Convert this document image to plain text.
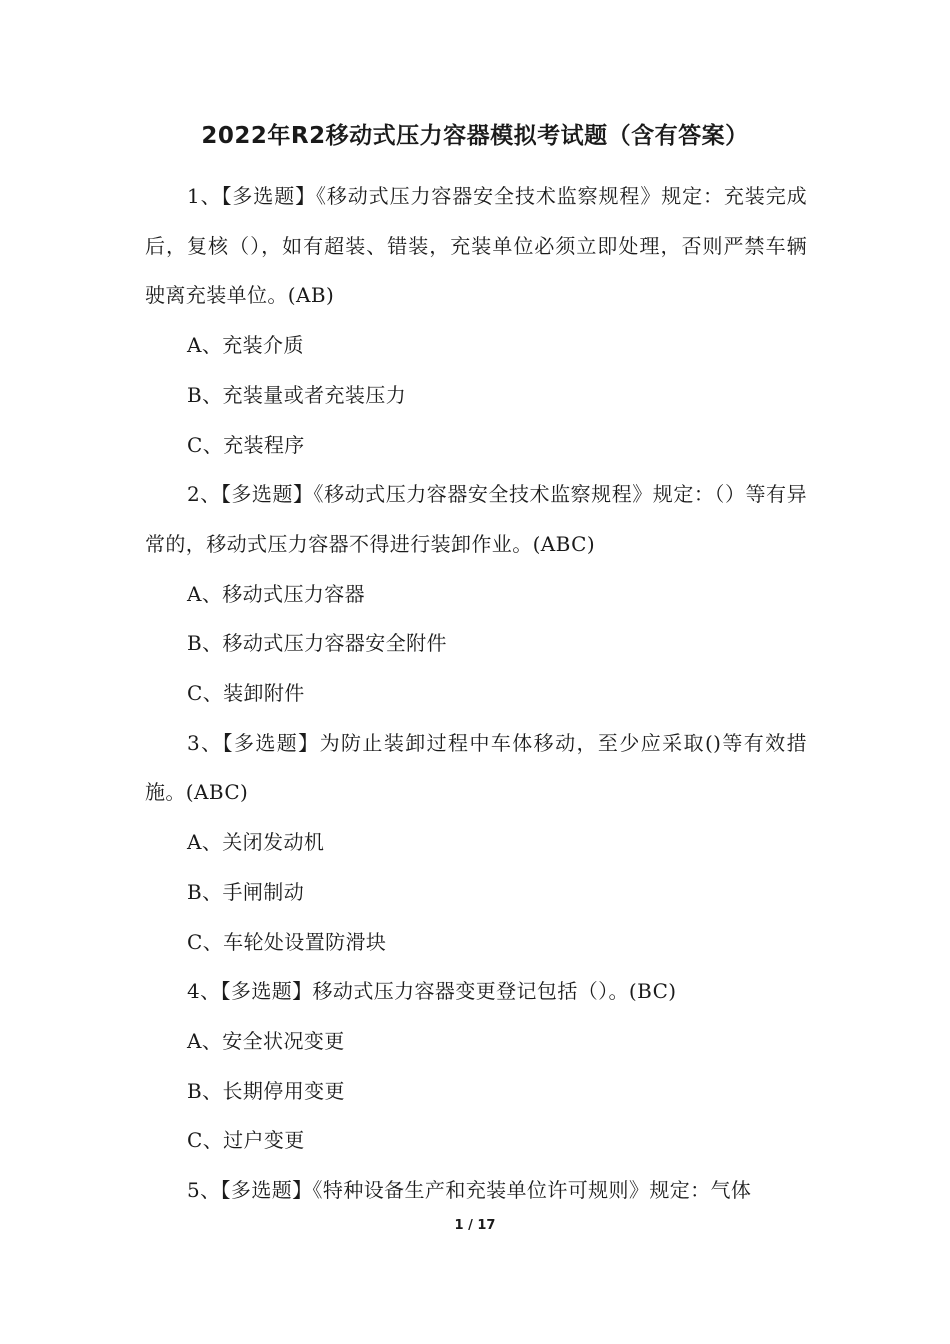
2022年R2移动式压力容器模拟考试题（含有答案）

1、【多选题】《移动式压力容器安全技术监察规程》规定：充装完成后，复核（），如有超装、错装，充装单位必须立即处理，否则严禁车辆驶离充装单位。(AB)

A、充装介质

B、充装量或者充装压力

C、充装程序

2、【多选题】《移动式压力容器安全技术监察规程》规定：（）等有异常的，移动式压力容器不得进行装卸作业。(ABC)

A、移动式压力容器

B、移动式压力容器安全附件

C、装卸附件

3、【多选题】为防止装卸过程中车体移动，至少应采取()等有效措施。(ABC)

A、关闭发动机

B、手闸制动

C、车轮处设置防滑块

4、【多选题】移动式压力容器变更登记包括（）。(BC)

A、安全状况变更

B、长期停用变更

C、过户变更

5、【多选题】《特种设备生产和充装单位许可规则》规定：气体

1 / 17
